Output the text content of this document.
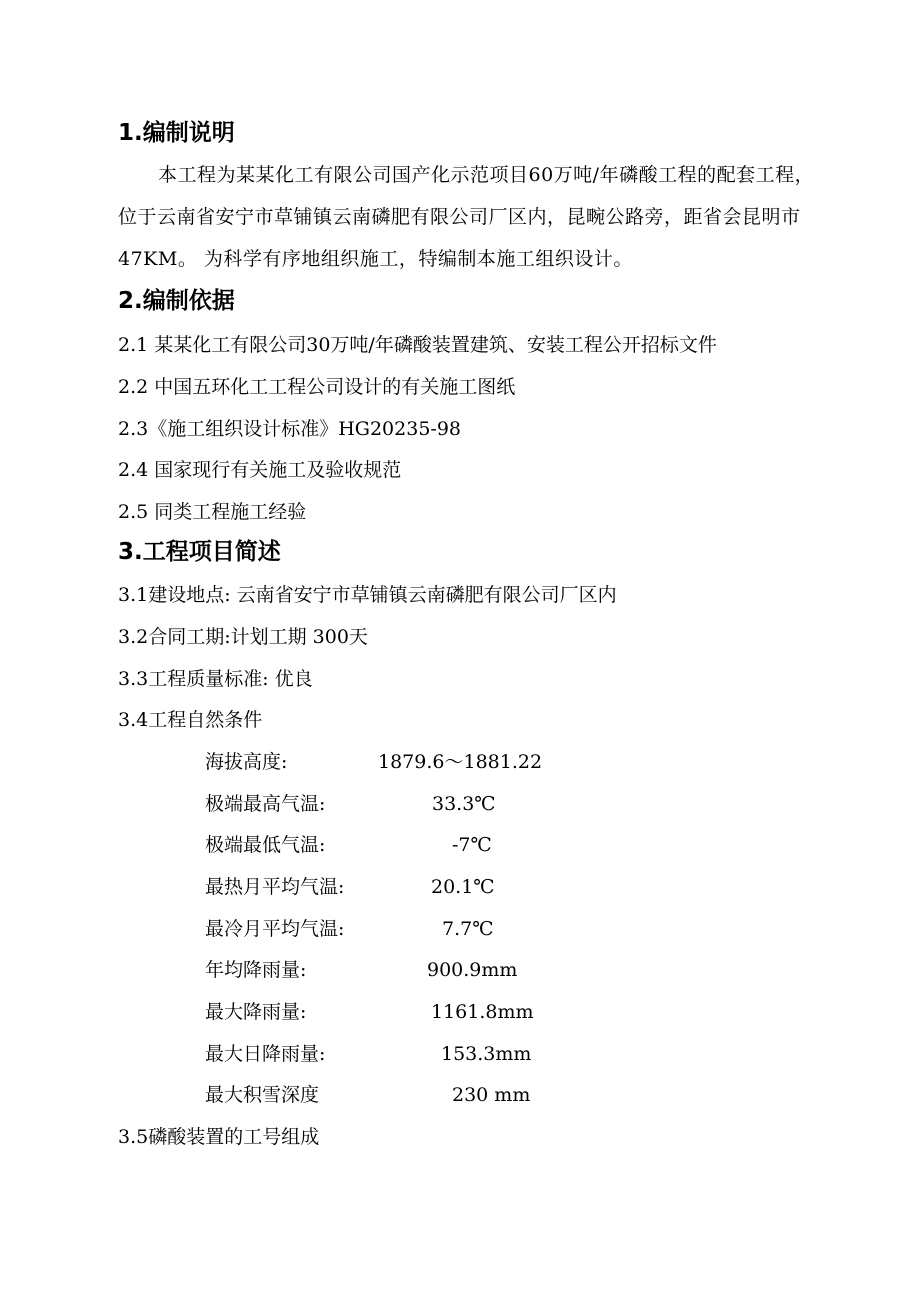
1.编制说明
本工程为某某化工有限公司国产化示范项目60万吨/年磷酸工程的配套工程，位于云南省安宁市草铺镇云南磷肥有限公司厂区内，昆畹公路旁，距省会昆明市47KM。 为科学有序地组织施工，特编制本施工组织设计。
2.编制依据
2.1 某某化工有限公司30万吨/年磷酸装置建筑、安装工程公开招标文件
2.2 中国五环化工工程公司设计的有关施工图纸
2.3《施工组织设计标准》HG20235-98
2.4 国家现行有关施工及验收规范
2.5 同类工程施工经验
3.工程项目简述
3.1建设地点: 云南省安宁市草铺镇云南磷肥有限公司厂区内
3.2合同工期:计划工期 300天
3.3工程质量标准: 优良
3.4工程自然条件
海拔高度:	1879.6～1881.22
极端最高气温:	33.3℃
极端最低气温:	-7℃
最热月平均气温:	20.1℃
最冷月平均气温:	7.7℃
年均降雨量:	900.9mm
最大降雨量:	1161.8mm
最大日降雨量:	153.3mm
最大积雪深度	230 mm
3.5磷酸装置的工号组成
